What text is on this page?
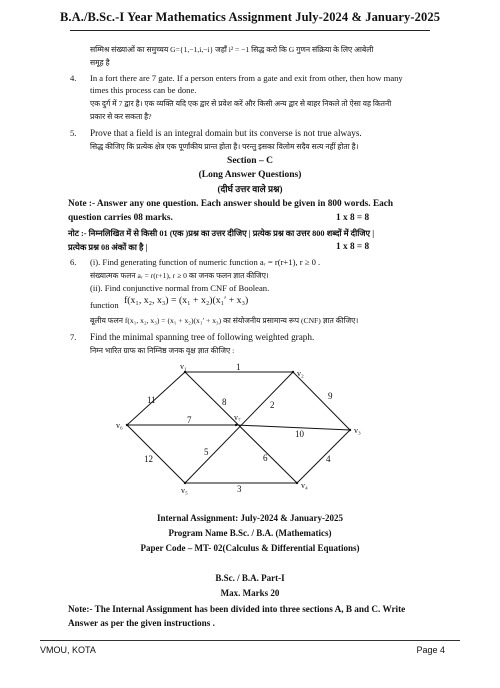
B.A./B.Sc.-I Year Mathematics Assignment July-2024 & January-2025
सम्मिश्र संख्याओं का समुच्चय G={1,−1,i,−i} जहाँ i² = −1 सिद्ध करो कि G गुणन संक्रिया के लिए आबेली
समूह है
4. In a fort there are 7 gate. If a person enters from a gate and exit from other, then how many
times this process can be done.
एक दुर्ग में 7 द्वार है। एक व्यक्ति यदि एक द्वार से प्रवेश करें और किसी अन्य द्वार से बाहर निकले तो ऐसा वह कितनी
प्रकार से कर सकता है?
5. Prove that a field is an integral domain but its converse is not true always.
सिद्ध कीजिए कि प्रत्येक क्षेत्र एक पूर्णांकीय प्रान्त होता है। परन्तु इसका विलोम सदैव सत्य नहीं होता है।
Section – C
(Long Answer Questions)
(दीर्घ उत्तर वाले प्रश्न)
Note :- Answer any one question. Each answer should be given in 800 words. Each
question carries 08 marks.	1 x 8 = 8
नोट :- निम्नलिखित में से किसी 01 (एक )प्रश्न का उत्तर दीजिए | प्रत्येक प्रश्न का उत्तर 800 शब्दों में दीजिए |
प्रत्येक प्रश्न 08 अंकों का है |	1 x 8 = 8
6. (i). Find generating function of numeric function aᵣ = r(r+1), r ≥ 0 .
संख्यात्मक फलन aᵣ = r(r+1), r ≥ 0 का जनक फलन ज्ञात कीजिए।
(ii). Find conjunctive normal from CNF of Boolean.
function f(x₁, x₂, x₃) = (x₁ + x₂)(x₁′ + x₃)
बूलीय फलन f(x₁, x₂, x₃) = (x₁ + x₂)(x₁′ + x₃) का संयोजनीय प्रसामान्य रूप (CNF) ज्ञात कीजिए।
7. Find the minimal spanning tree of following weighted graph.
निम्न भारित ग्राफ का निम्निष्ठ जनक वृक्ष ज्ञात कीजिए :
v₁
v₂
v₃
v₄
v₅
v₆
v₇
1
9
4
3
12
11	8	2
7
10
5
6
Internal Assignment: July-2024 & January-2025
Program Name B.Sc. / B.A. (Mathematics)
Paper Code – MT- 02(Calculus & Differential Equations)
B.Sc. / B.A. Part-I
Max. Marks 20
Note:- The Internal Assignment has been divided into three sections A, B and C. Write
Answer as per the given instructions .
VMOU, KOTA	Page 4
